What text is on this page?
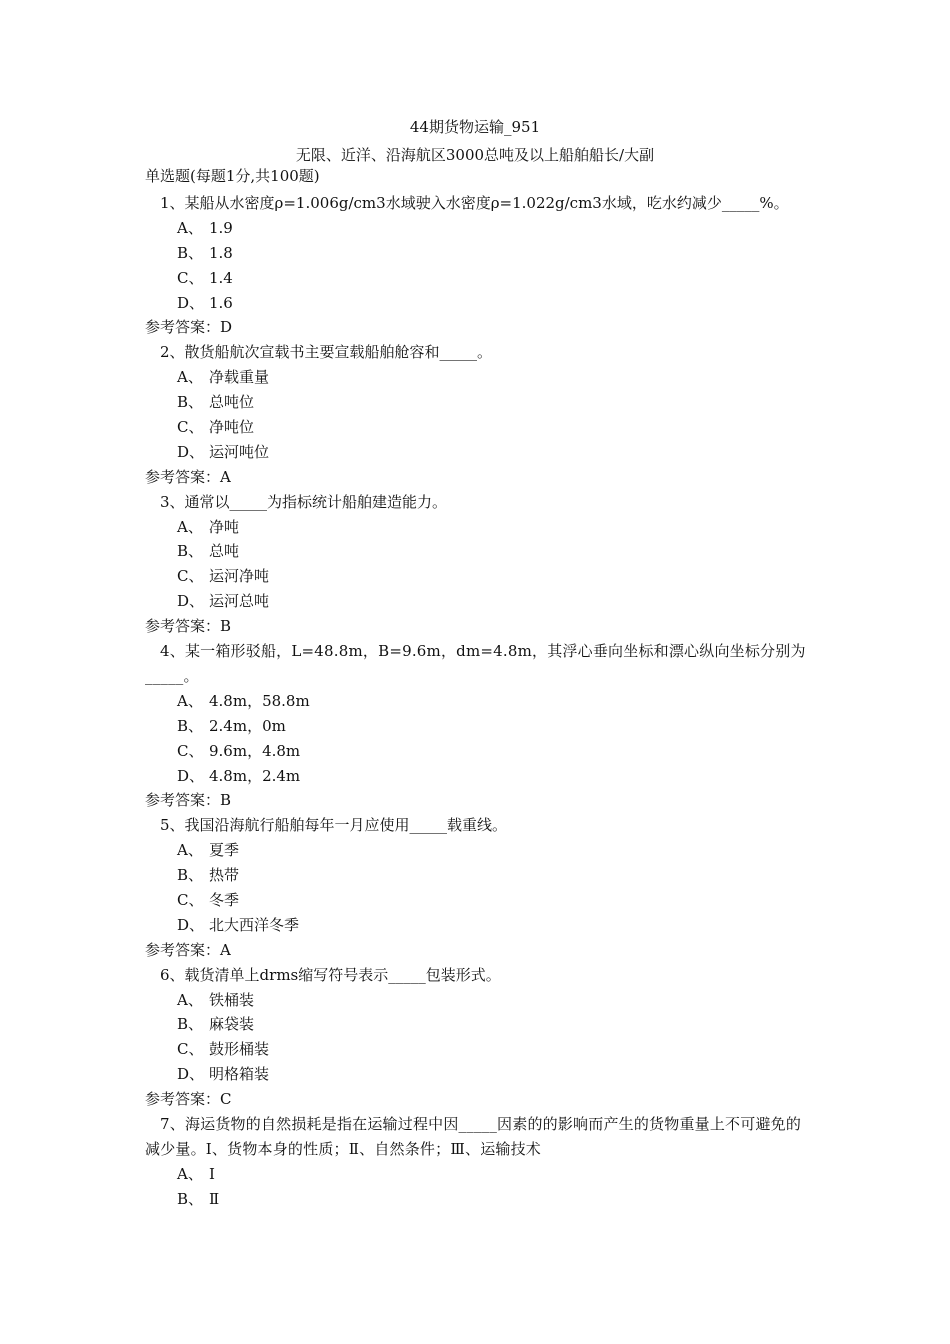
44期货物运输_951
无限、近洋、沿海航区3000总吨及以上船舶船长/大副
单选题(每题1分,共100题)
1、某船从水密度ρ=1.006g/cm3水域驶入水密度ρ=1.022g/cm3水域，吃水约减少_____%。
A、 1.9
B、 1.8
C、 1.4
D、 1.6
参考答案：D
2、散货船航次宣载书主要宣载船舶舱容和_____。
A、 净载重量
B、 总吨位
C、 净吨位
D、 运河吨位
参考答案：A
3、通常以_____为指标统计船舶建造能力。
A、 净吨
B、 总吨
C、 运河净吨
D、 运河总吨
参考答案：B
4、某一箱形驳船，L=48.8m，B=9.6m，dm=4.8m，其浮心垂向坐标和漂心纵向坐标分别为_____。
A、 4.8m，58.8m
B、 2.4m，0m
C、 9.6m，4.8m
D、 4.8m，2.4m
参考答案：B
5、我国沿海航行船舶每年一月应使用_____载重线。
A、 夏季
B、 热带
C、 冬季
D、 北大西洋冬季
参考答案：A
6、载货清单上drms缩写符号表示_____包装形式。
A、 铁桶装
B、 麻袋装
C、 鼓形桶装
D、 明格箱装
参考答案：C
7、海运货物的自然损耗是指在运输过程中因_____因素的的影响而产生的货物重量上不可避免的减少量。Ⅰ、货物本身的性质；Ⅱ、自然条件；Ⅲ、运输技术
A、 Ⅰ
B、 Ⅱ
